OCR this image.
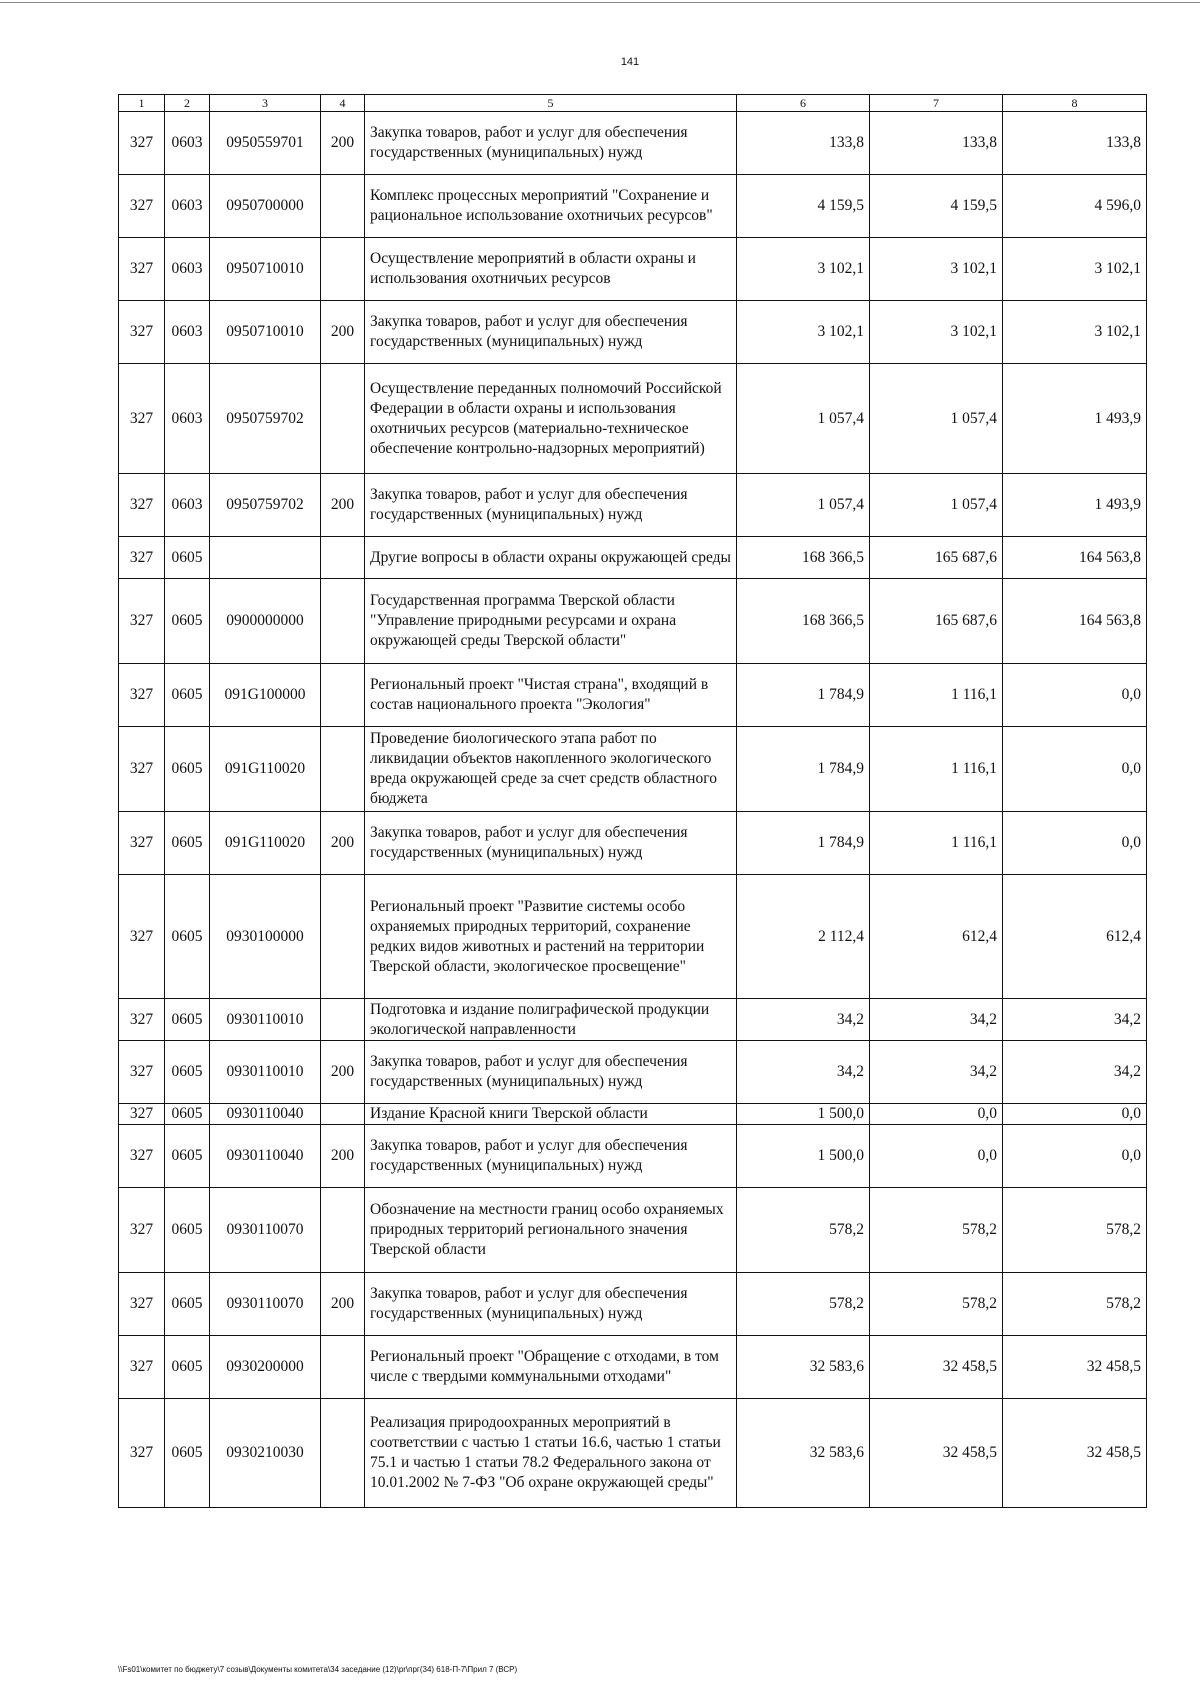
141
1	2	3	4	5	6	7	8
327	0603	0950559701	200	Закупка товаров, работ и услуг для обеспечения государственных (муниципальных) нужд	133,8	133,8	133,8
327	0603	0950700000		Комплекс процессных мероприятий "Сохранение и рациональное использование охотничьих ресурсов"	4 159,5	4 159,5	4 596,0
327	0603	0950710010		Осуществление мероприятий в области охраны и использования охотничьих ресурсов	3 102,1	3 102,1	3 102,1
327	0603	0950710010	200	Закупка товаров, работ и услуг для обеспечения государственных (муниципальных) нужд	3 102,1	3 102,1	3 102,1
327	0603	0950759702		Осуществление переданных полномочий Российской Федерации в области охраны и использования охотничьих ресурсов (материально-техническое обеспечение контрольно-надзорных мероприятий)	1 057,4	1 057,4	1 493,9
327	0603	0950759702	200	Закупка товаров, работ и услуг для обеспечения государственных (муниципальных) нужд	1 057,4	1 057,4	1 493,9
327	0605			Другие вопросы в области охраны окружающей среды	168 366,5	165 687,6	164 563,8
327	0605	0900000000		Государственная программа Тверской области "Управление природными ресурсами и охрана окружающей среды Тверской области"	168 366,5	165 687,6	164 563,8
327	0605	091G100000		Региональный проект "Чистая страна", входящий в состав национального проекта "Экология"	1 784,9	1 116,1	0,0
327	0605	091G110020		Проведение биологического этапа работ по ликвидации объектов накопленного экологического вреда окружающей среде за счет средств областного бюджета	1 784,9	1 116,1	0,0
327	0605	091G110020	200	Закупка товаров, работ и услуг для обеспечения государственных (муниципальных) нужд	1 784,9	1 116,1	0,0
327	0605	0930100000		Региональный проект "Развитие системы особо охраняемых природных территорий, сохранение редких видов животных и растений на территории Тверской области, экологическое просвещение"	2 112,4	612,4	612,4
327	0605	0930110010		Подготовка и издание полиграфической продукции экологической направленности	34,2	34,2	34,2
327	0605	0930110010	200	Закупка товаров, работ и услуг для обеспечения государственных (муниципальных) нужд	34,2	34,2	34,2
327	0605	0930110040		Издание Красной книги Тверской области	1 500,0	0,0	0,0
327	0605	0930110040	200	Закупка товаров, работ и услуг для обеспечения государственных (муниципальных) нужд	1 500,0	0,0	0,0
327	0605	0930110070		Обозначение на местности границ особо охраняемых природных территорий регионального значения Тверской области	578,2	578,2	578,2
327	0605	0930110070	200	Закупка товаров, работ и услуг для обеспечения государственных (муниципальных) нужд	578,2	578,2	578,2
327	0605	0930200000		Региональный проект "Обращение с отходами, в том числе с твердыми коммунальными отходами"	32 583,6	32 458,5	32 458,5
327	0605	0930210030		Реализация природоохранных мероприятий в соответствии с частью 1 статьи 16.6, частью 1 статьи 75.1 и частью 1 статьи 78.2 Федерального закона от 10.01.2002 № 7-ФЗ "Об охране окружающей среды"	32 583,6	32 458,5	32 458,5
\\Fs01\комитет по бюджету\7 созыв\Документы комитета\34 заседание (12)\pr\прг(34) 618-П-7\Прил 7 (ВСР)
